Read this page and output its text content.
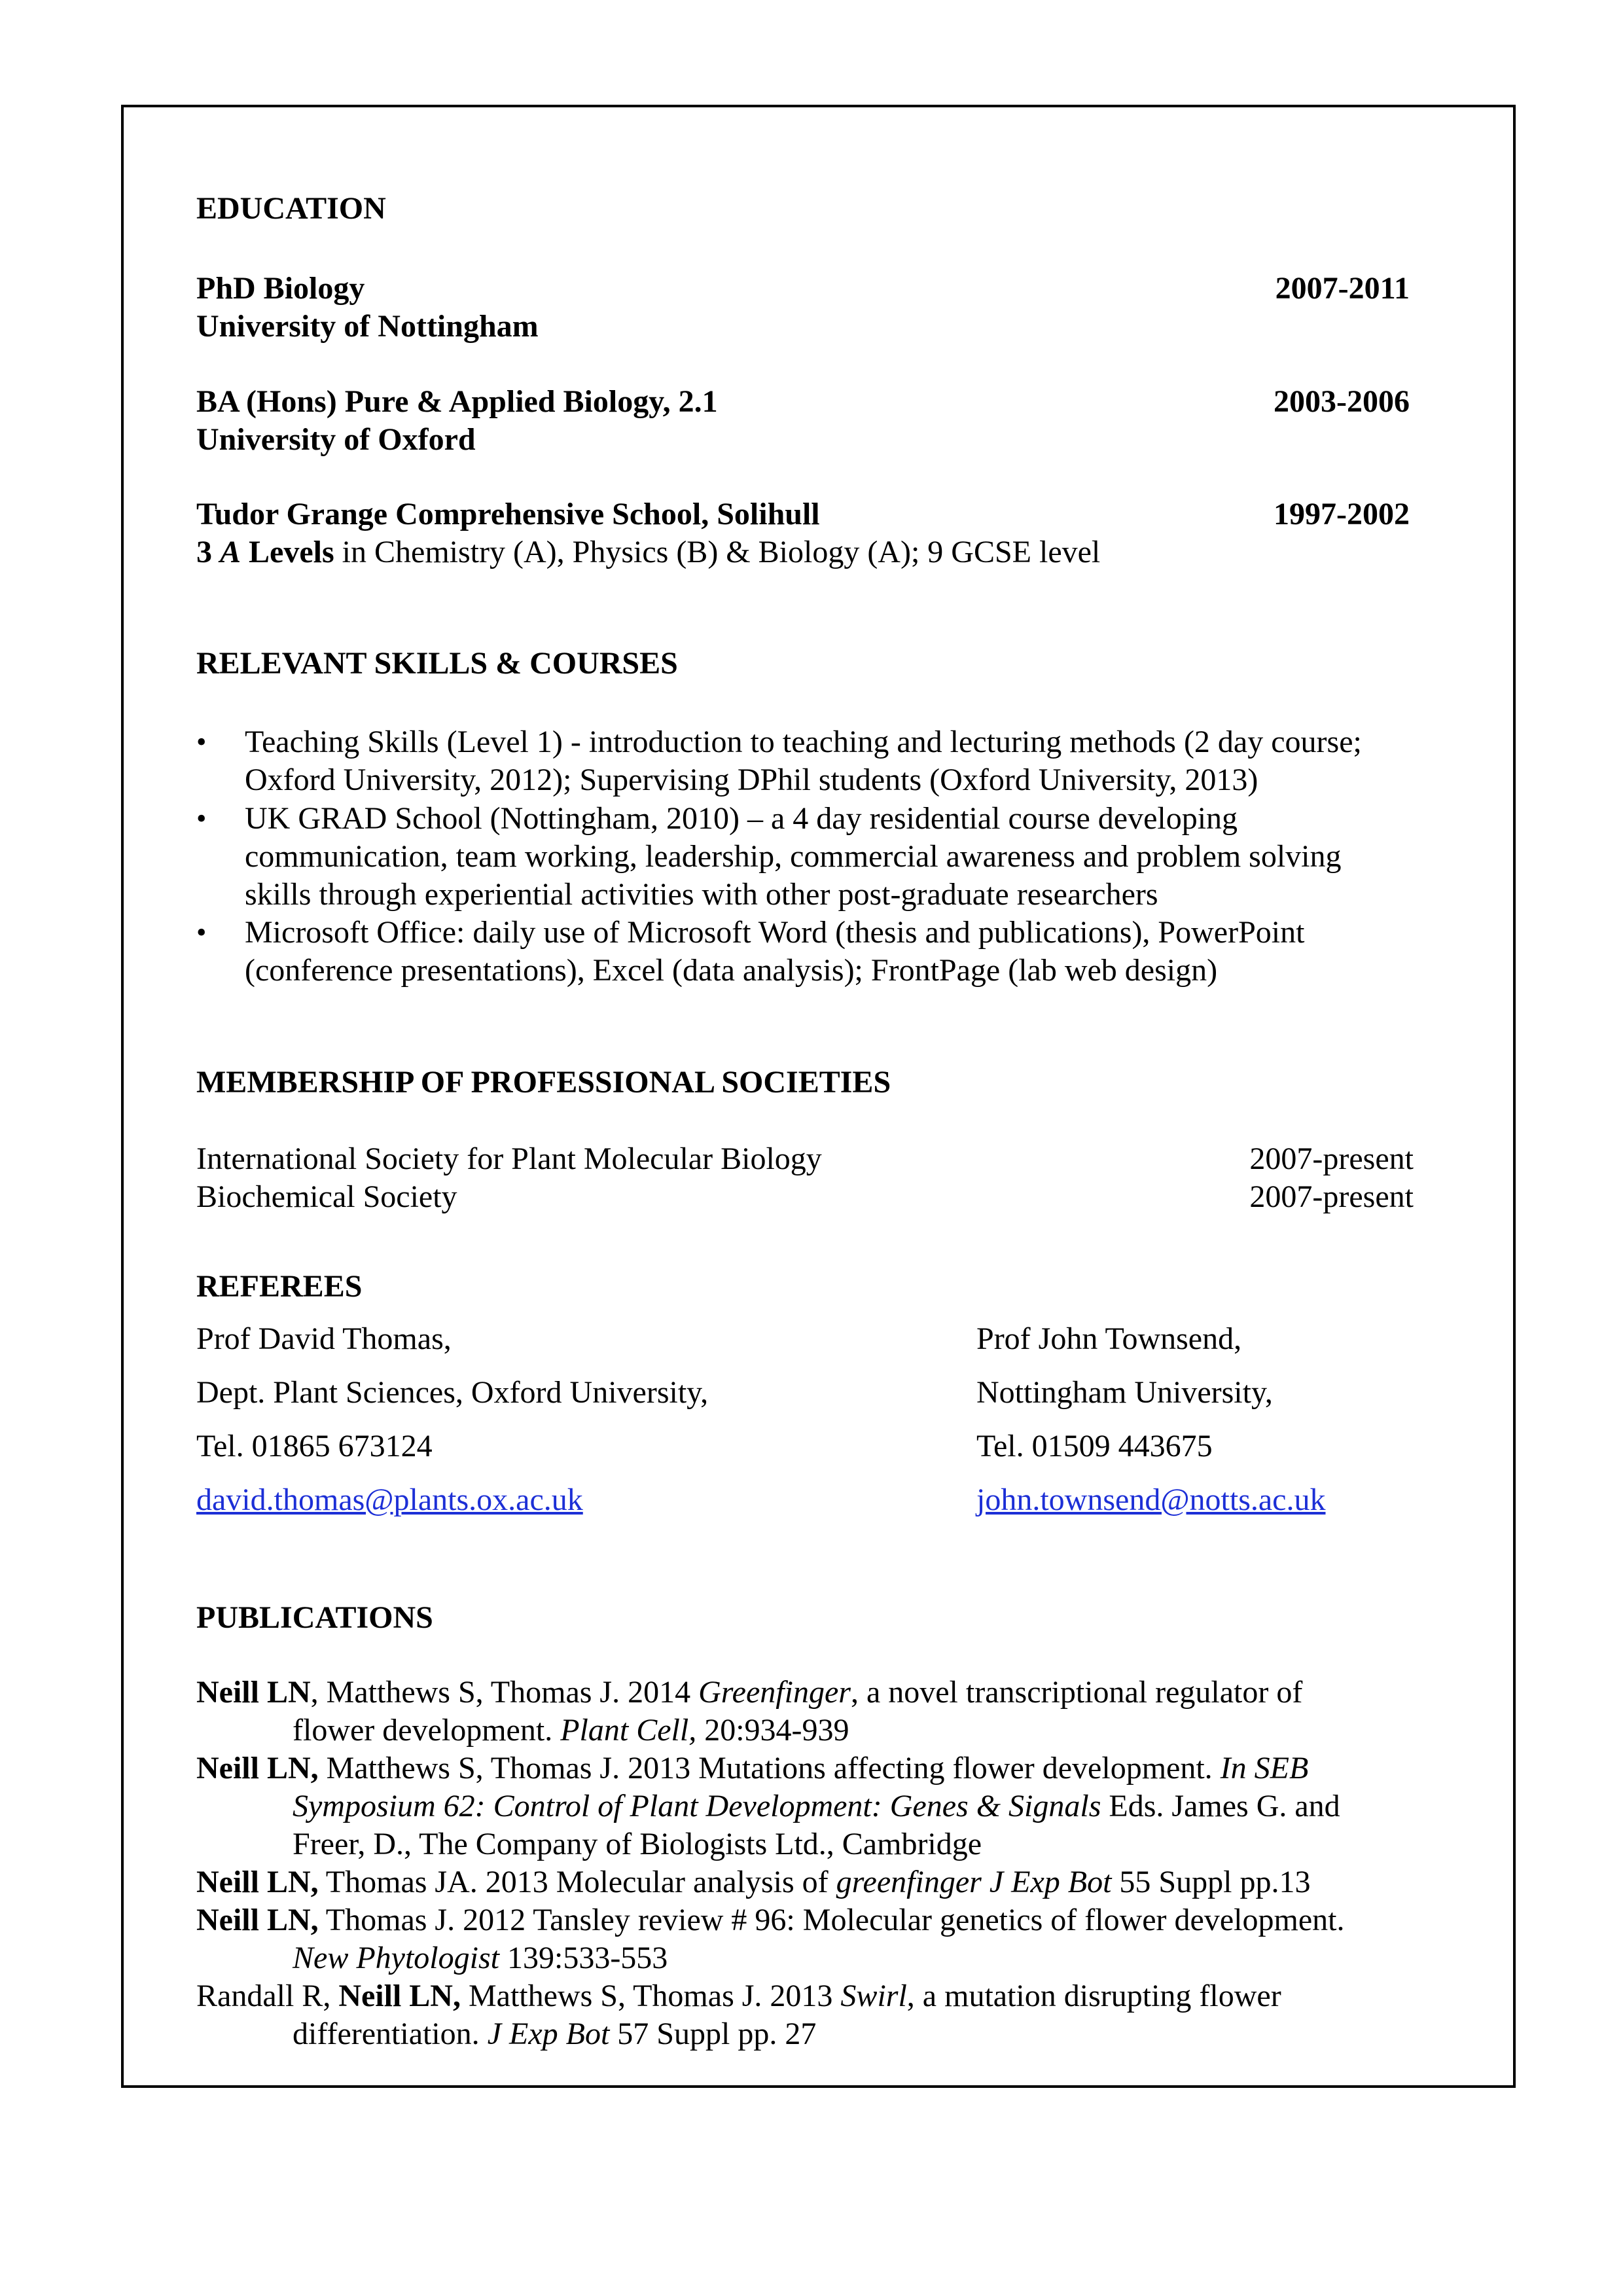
EDUCATION
PhD Biology	2007-2011
University of Nottingham
BA (Hons) Pure & Applied Biology, 2.1	2003-2006
University of Oxford
Tudor Grange Comprehensive School, Solihull	1997-2002
3 A Levels in Chemistry (A), Physics (B) & Biology (A); 9 GCSE level
RELEVANT SKILLS & COURSES
• Teaching Skills (Level 1) - introduction to teaching and lecturing methods (2 day course;
Oxford University, 2012); Supervising DPhil students (Oxford University, 2013)
• UK GRAD School (Nottingham, 2010) – a 4 day residential course developing
communication, team working, leadership, commercial awareness and problem solving
skills through experiential activities with other post-graduate researchers
• Microsoft Office: daily use of Microsoft Word (thesis and publications), PowerPoint
(conference presentations), Excel (data analysis); FrontPage (lab web design)
MEMBERSHIP OF PROFESSIONAL SOCIETIES
International Society for Plant Molecular Biology	2007-present
Biochemical Society	2007-present
REFEREES
Prof David Thomas,
Dept. Plant Sciences, Oxford University,
Tel. 01865 673124
david.thomas@plants.ox.ac.uk
Prof John Townsend,
Nottingham University,
Tel. 01509 443675
john.townsend@notts.ac.uk
PUBLICATIONS
Neill LN, Matthews S, Thomas J. 2014 Greenfinger, a novel transcriptional regulator of
flower development. Plant Cell, 20:934-939
Neill LN, Matthews S, Thomas J. 2013 Mutations affecting flower development. In SEB
Symposium 62: Control of Plant Development: Genes & Signals Eds. James G. and
Freer, D., The Company of Biologists Ltd., Cambridge
Neill LN, Thomas JA. 2013 Molecular analysis of greenfinger J Exp Bot 55 Suppl pp.13
Neill LN, Thomas J. 2012 Tansley review # 96: Molecular genetics of flower development.
New Phytologist 139:533-553
Randall R, Neill LN, Matthews S, Thomas J. 2013 Swirl, a mutation disrupting flower
differentiation. J Exp Bot 57 Suppl pp. 27
